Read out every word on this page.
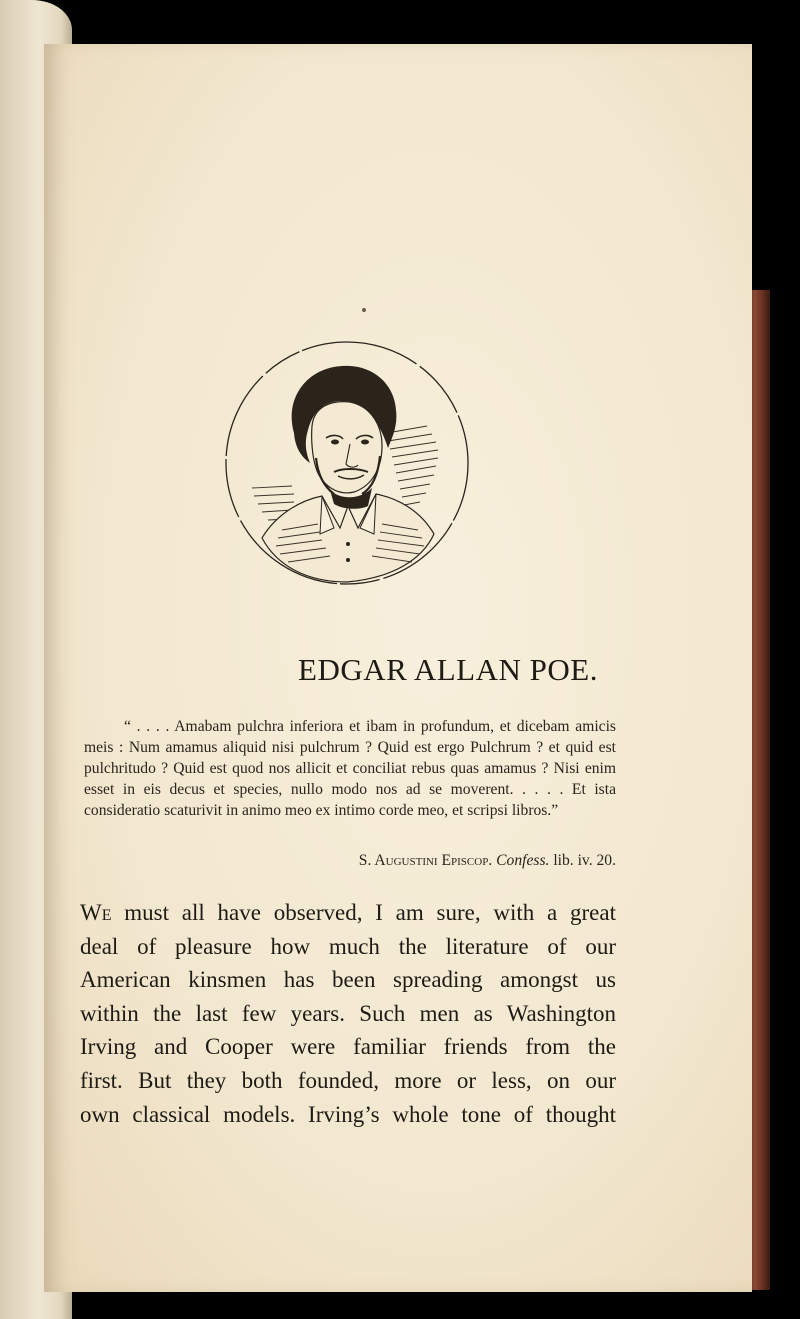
EDGAR ALLAN POE.

“ . . . . Amabam pulchra inferiora et ibam in profundum, et dicebam amicis meis : Num amamus aliquid nisi pulchrum ? Quid est ergo Pulchrum ? et quid est pulchritudo ? Quid est quod nos allicit et conciliat rebus quas amamus ? Nisi enim esset in eis decus et species, nullo modo nos ad se moverent. . . . . Et ista consideratio scaturivit in animo meo ex intimo corde meo, et scripsi libros.”

S. Augustini Episcop. Confess. lib. iv. 20.
We must all have observed, I am sure, with a great
deal of pleasure how much the literature of our
American kinsmen has been spreading amongst us
within the last few years. Such men as Washington
Irving and Cooper were familiar friends from the
first. But they both founded, more or less, on our
own classical models. Irving’s whole tone of thought
